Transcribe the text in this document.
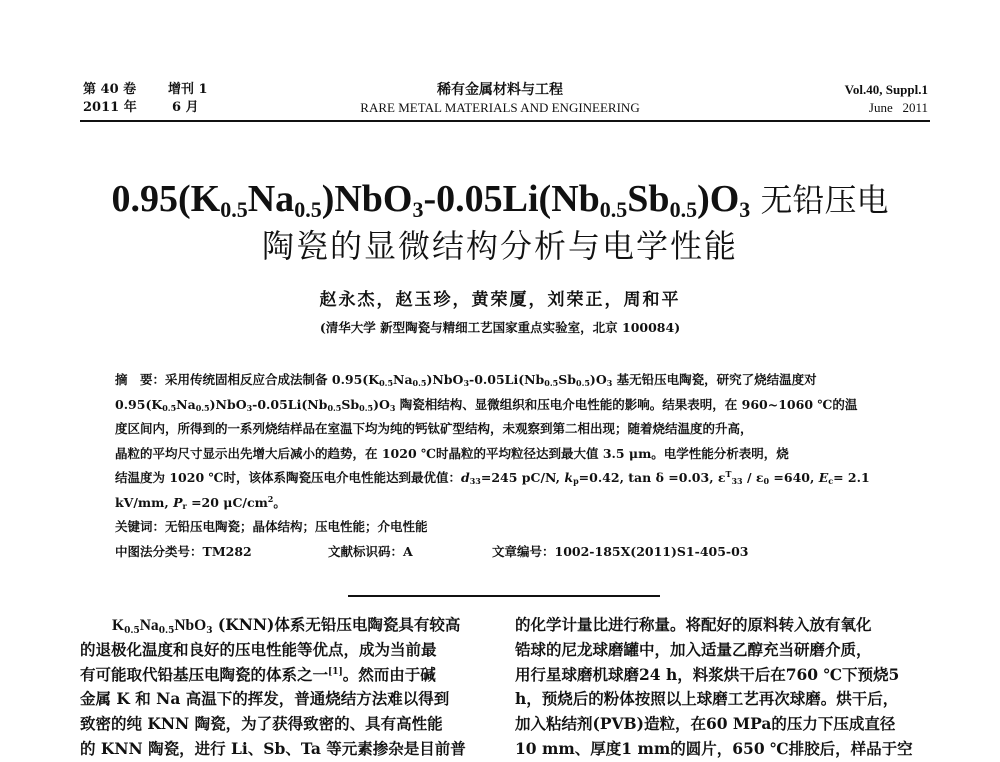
第 40 卷 增刊 1
2011 年	6 月
稀有金属材料与工程
RARE METAL MATERIALS AND ENGINEERING
Vol.40, Suppl.1
June   2011
$0.95(K_{0.5}Na_{0.5})NbO_3-0.05Li(Nb_{0.5}Sb_{0.5})O_3$ 无铅压电
陶瓷的显微结构分析与电学性能
赵永杰，赵玉珍，黄荣厦，刘荣正，周和平
(清华大学 新型陶瓷与精细工艺国家重点实验室，北京 100084)
摘　要：采用传统固相反应合成法制备 $0.95(K_{0.5}Na_{0.5})NbO_3-0.05Li(Nb_{0.5}Sb_{0.5})O_3$ 基无铅压电陶瓷，研究了烧结温度对
$0.95(K_{0.5}Na_{0.5})NbO_3-0.05Li(Nb_{0.5}Sb_{0.5})O_3$ 陶瓷相结构、显微组织和压电介电性能的影响。结果表明，在 960~1060 ℃的温
度区间内，所得到的一系列烧结样品在室温下均为纯的钙钛矿型结构，未观察到第二相出现；随着烧结温度的升高，
晶粒的平均尺寸显示出先增大后减小的趋势，在 1020 ℃时晶粒的平均粒径达到最大值 3.5 μm。电学性能分析表明，烧
结温度为 1020 ℃时，该体系陶瓷压电介电性能达到最优值：$d_{33}=245$ pC/N, $k_p=0.42$, tan δ =0.03, $\varepsilon^T_{33} / \varepsilon_0 =640$, $E_c= 2.1$
kV/mm, $P_r =20$ $\mu C/cm^2$。
关键词：无铅压电陶瓷；晶体结构；压电性能；介电性能
中图法分类号：TM282	文献标识码：A	文章编号：1002-185X(2011)S1-405-03
$K_{0.5}Na_{0.5}NbO_3$ (KNN)体系无铅压电陶瓷具有较高
的退极化温度和良好的压电性能等优点，成为当前最
有可能取代铅基压电陶瓷的体系之一[1]。然而由于碱
金属 K 和 Na 高温下的挥发，普通烧结方法难以得到
致密的纯 KNN 陶瓷，为了获得致密的、具有高性能
的 KNN 陶瓷，进行 Li、Sb、Ta 等元素掺杂是目前普
的化学计量比进行称量。将配好的原料转入放有氧化
锆球的尼龙球磨罐中，加入适量乙醇充当研磨介质，
用行星球磨机球磨24 h，料浆烘干后在760 ℃下预烧5
h，预烧后的粉体按照以上球磨工艺再次球磨。烘干后，
加入粘结剂(PVB)造粒，在60 MPa的压力下压成直径
10 mm、厚度1 mm的圆片，650 ℃排胶后，样品于空
